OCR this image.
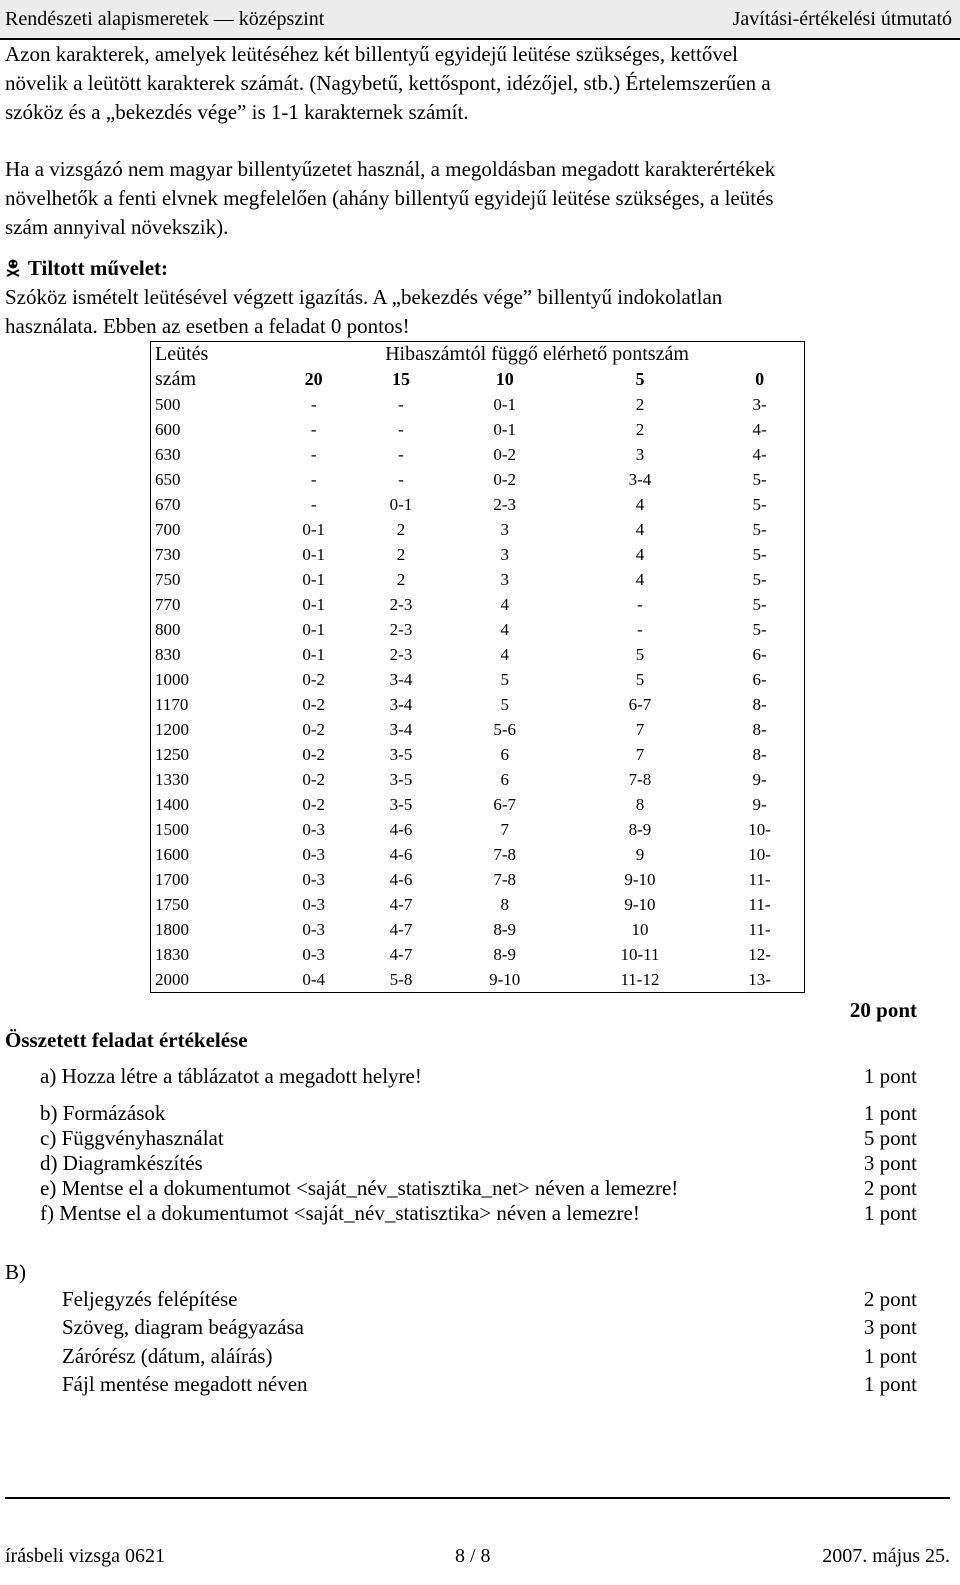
Rendészeti alapismeretek — középszint	Javítási-értékelési útmutató
Azon karakterek, amelyek leütéséhez két billentyű egyidejű leütése szükséges, kettővel
növelik a leütött karakterek számát. (Nagybetű, kettőspont, idézőjel, stb.) Értelemszerűen a
szóköz és a „bekezdés vége” is 1-1 karakternek számít.
Ha a vizsgázó nem magyar billentyűzetet használ, a megoldásban megadott karakterértékek
növelhetők a fenti elvnek megfelelően (ahány billentyű egyidejű leütése szükséges, a leütés
szám annyival növekszik).
Tiltott művelet:
Szóköz ismételt leütésével végzett igazítás. A „bekezdés vége” billentyű indokolatlan
használata. Ebben az esetben a feladat 0 pontos!
Leütés	Hibaszámtól függő elérhető pontszám				
szám	20	15	10	5	0
500	-	-	0-1	2	3-
600	-	-	0-1	2	4-
630	-	-	0-2	3	4-
650	-	-	0-2	3-4	5-
670	-	0-1	2-3	4	5-
700	0-1	2	3	4	5-
730	0-1	2	3	4	5-
750	0-1	2	3	4	5-
770	0-1	2-3	4	-	5-
800	0-1	2-3	4	-	5-
830	0-1	2-3	4	5	6-
1000	0-2	3-4	5	5	6-
1170	0-2	3-4	5	6-7	8-
1200	0-2	3-4	5-6	7	8-
1250	0-2	3-5	6	7	8-
1330	0-2	3-5	6	7-8	9-
1400	0-2	3-5	6-7	8	9-
1500	0-3	4-6	7	8-9	10-
1600	0-3	4-6	7-8	9	10-
1700	0-3	4-6	7-8	9-10	11-
1750	0-3	4-7	8	9-10	11-
1800	0-3	4-7	8-9	10	11-
1830	0-3	4-7	8-9	10-11	12-
2000	0-4	5-8	9-10	11-12	13-
20 pont
Összetett feladat értékelése
a) Hozza létre a táblázatot a megadott helyre!	1 pont
b) Formázások	1 pont
c) Függvényhasználat	5 pont
d) Diagramkészítés	3 pont
e) Mentse el a dokumentumot <saját_név_statisztika_net> néven a lemezre!	2 pont
f) Mentse el a dokumentumot <saját_név_statisztika> néven a lemezre!	1 pont
B)
Feljegyzés felépítése	2 pont
Szöveg, diagram beágyazása	3 pont
Zárórész (dátum, aláírás)	1 pont
Fájl mentése megadott néven	1 pont
írásbeli vizsga 0621	8 / 8	2007. május 25.
